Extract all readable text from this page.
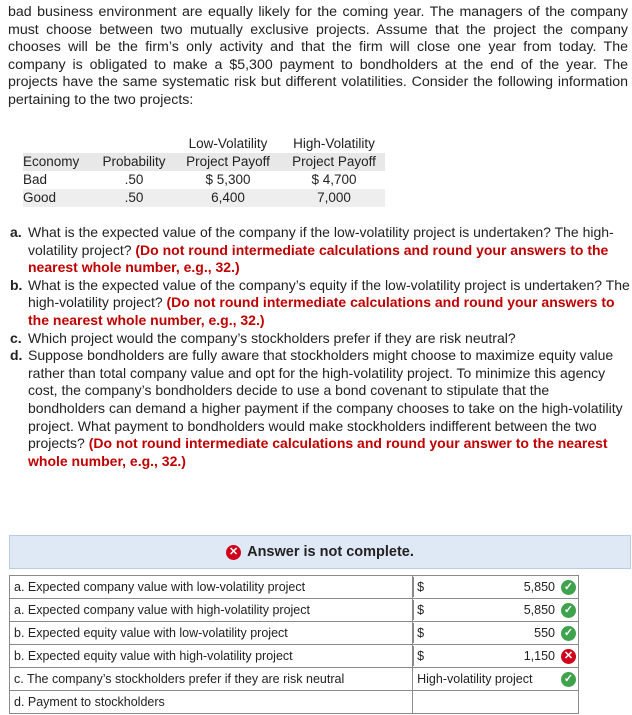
bad business environment are equally likely for the coming year. The managers of the company must choose between two mutually exclusive projects. Assume that the project the company chooses will be the firm’s only activity and that the firm will close one year from today. The company is obligated to make a $5,300 payment to bondholders at the end of the year. The projects have the same systematic risk but different volatilities. Consider the following information pertaining to the two projects:
		Low-Volatility	High-Volatility
Economy	Probability	Project Payoff	Project Payoff
Bad	.50	$ 5,300	$ 4,700
Good	.50	6,400	7,000
a. What is the expected value of the company if the low-volatility project is undertaken? The high-volatility project? (Do not round intermediate calculations and round your answers to the nearest whole number, e.g., 32.)
b. What is the expected value of the company’s equity if the low-volatility project is undertaken? The high-volatility project? (Do not round intermediate calculations and round your answers to the nearest whole number, e.g., 32.)
c. Which project would the company’s stockholders prefer if they are risk neutral?
d. Suppose bondholders are fully aware that stockholders might choose to maximize equity value rather than total company value and opt for the high-volatility project. To minimize this agency cost, the company’s bondholders decide to use a bond covenant to stipulate that the bondholders can demand a higher payment if the company chooses to take on the high-volatility project. What payment to bondholders would make stockholders indifferent between the two projects? (Do not round intermediate calculations and round your answer to the nearest whole number, e.g., 32.)
✕ Answer is not complete.
a. Expected company value with low-volatility project	$ 5,850 ✓

a. Expected company value with high-volatility project	$ 5,850 ✓

b. Expected equity value with low-volatility project	$ 550 ✓

b. Expected equity value with high-volatility project	$ 1,150 ✕

c. The company’s stockholders prefer if they are risk neutral	High-volatility project ✓

d. Payment to stockholders	
